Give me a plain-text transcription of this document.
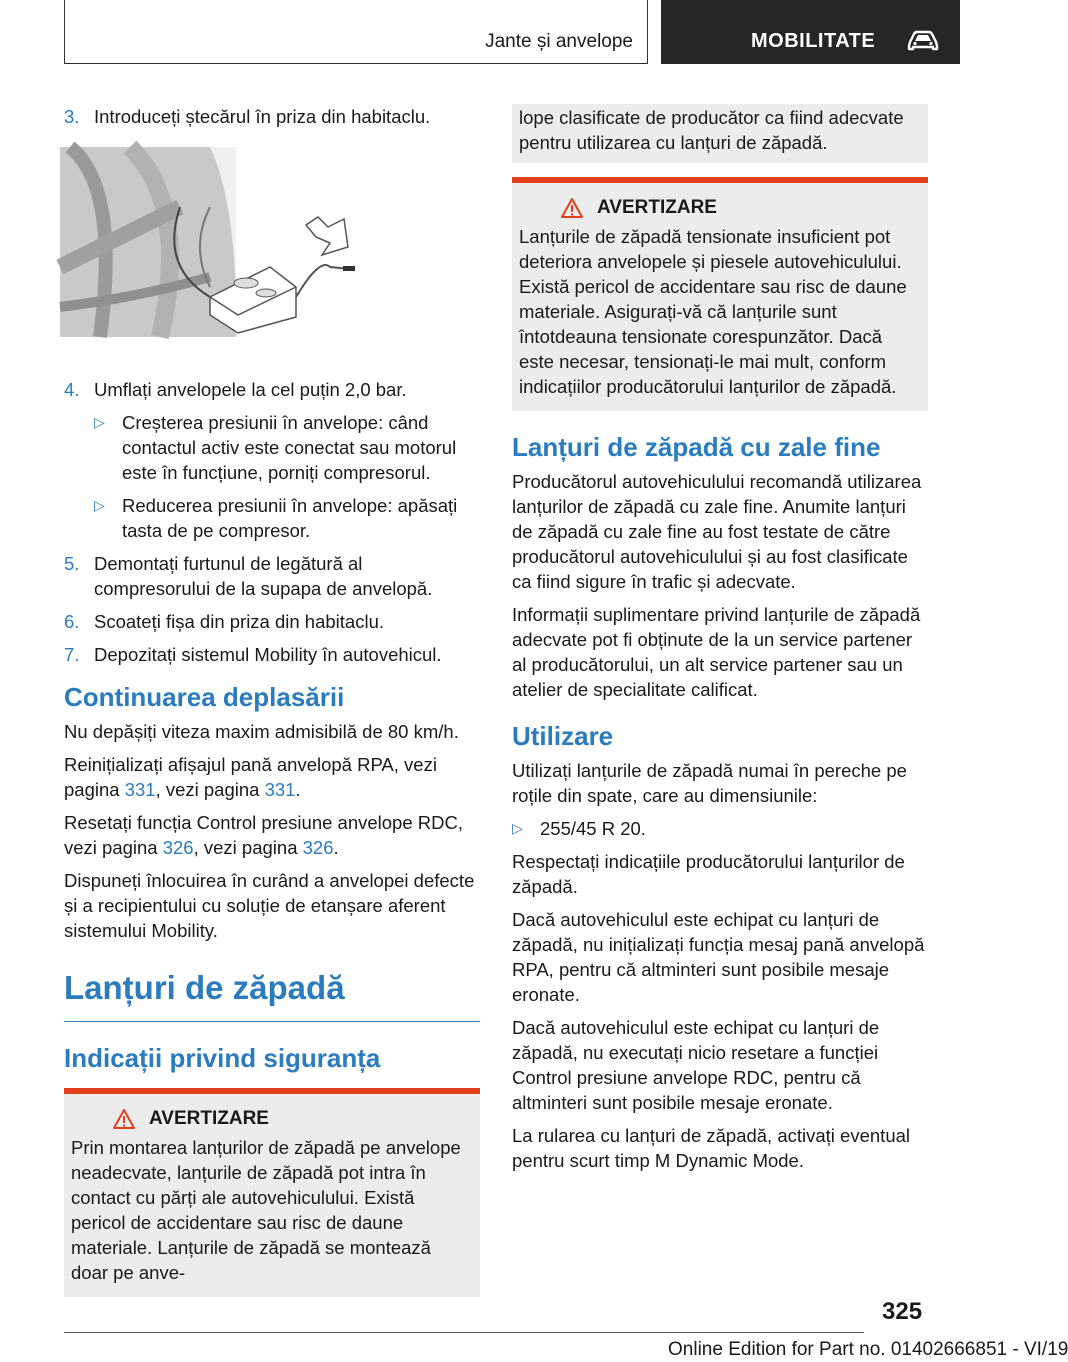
Jante și anvelope	MOBILITATE
3. Introduceți ștecărul în priza din habitaclu.
4. Umflați anvelopele la cel puțin 2,0 bar.
▷ Creșterea presiunii în anvelope: când contactul activ este conectat sau motorul este în funcțiune, porniți compresorul.
▷ Reducerea presiunii în anvelope: apăsați tasta de pe compresor.
5. Demontați furtunul de legătură al compresorului de la supapa de anvelopă.
6. Scoateți fișa din priza din habitaclu.
7. Depozitați sistemul Mobility în autovehicul.
Continuarea deplasării

Nu depășiți viteza maxim admisibilă de 80 km/h.

Reinițializați afișajul pană anvelopă RPA, vezi pagina 331, vezi pagina 331.

Resetați funcția Control presiune anvelope RDC, vezi pagina 326, vezi pagina 326.

Dispuneți înlocuirea în curând a anvelopei defecte și a recipientului cu soluție de etanșare aferent sistemului Mobility.

Lanțuri de zăpadă
Indicații privind siguranța
AVERTIZARE
Prin montarea lanțurilor de zăpadă pe anvelope neadecvate, lanțurile de zăpadă pot intra în contact cu părți ale autovehiculului. Există pericol de accidentare sau risc de daune materiale. Lanțurile de zăpadă se montează doar pe anve-
lope clasificate de producător ca fiind adecvate pentru utilizarea cu lanțuri de zăpadă.
AVERTIZARE
Lanțurile de zăpadă tensionate insuficient pot deteriora anvelopele și piesele autovehiculului. Există pericol de accidentare sau risc de daune materiale. Asigurați-vă că lanțurile sunt întotdeauna tensionate corespunzător. Dacă este necesar, tensionați-le mai mult, conform indicațiilor producătorului lanțurilor de zăpadă.
Lanțuri de zăpadă cu zale fine

Producătorul autovehiculului recomandă utilizarea lanțurilor de zăpadă cu zale fine. Anumite lanțuri de zăpadă cu zale fine au fost testate de către producătorul autovehiculului și au fost clasificate ca fiind sigure în trafic și adecvate.

Informații suplimentare privind lanțurile de zăpadă adecvate pot fi obținute de la un service partener al producătorului, un alt service partener sau un atelier de specialitate calificat.

Utilizare

Utilizați lanțurile de zăpadă numai în pereche pe roțile din spate, care au dimensiunile:

▷ 255/45 R 20.

Respectați indicațiile producătorului lanțurilor de zăpadă.

Dacă autovehiculul este echipat cu lanțuri de zăpadă, nu inițializați funcția mesaj pană anvelopă RPA, pentru că altminteri sunt posibile mesaje eronate.

Dacă autovehiculul este echipat cu lanțuri de zăpadă, nu executați nicio resetare a funcției Control presiune anvelope RDC, pentru că altminteri sunt posibile mesaje eronate.

La rularea cu lanțuri de zăpadă, activați eventual pentru scurt timp M Dynamic Mode.

325
Online Edition for Part no. 01402666851 - VI/19
